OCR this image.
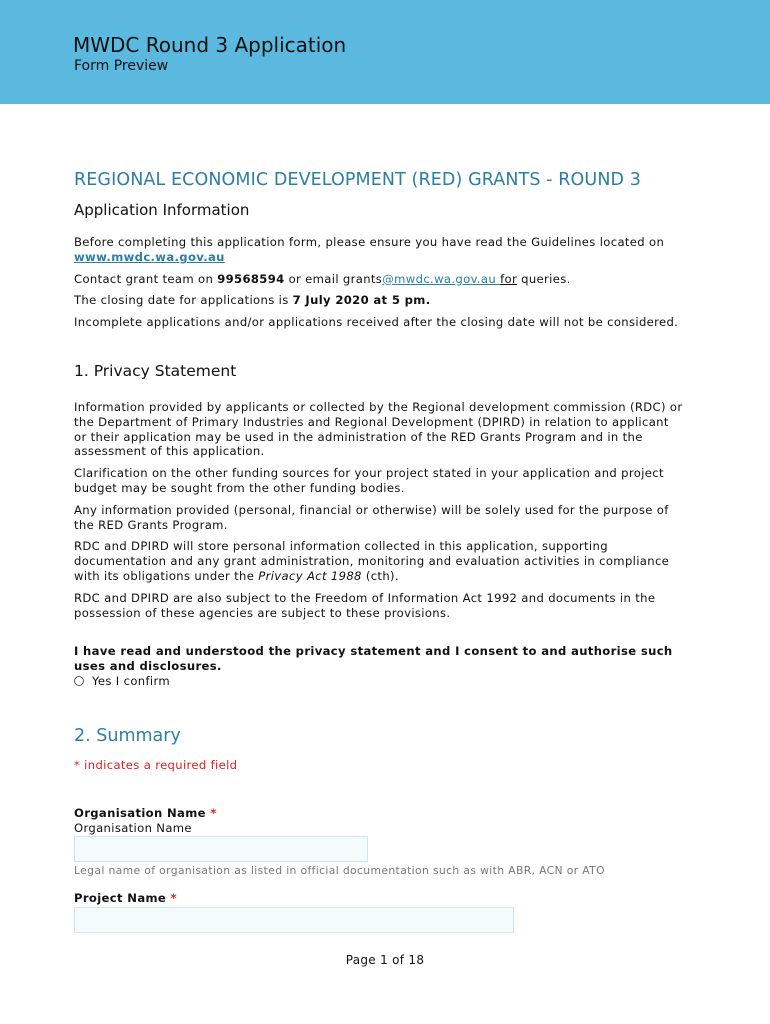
MWDC Round 3 Application
Form Preview
REGIONAL ECONOMIC DEVELOPMENT (RED) GRANTS - ROUND 3
Application Information

Before completing this application form, please ensure you have read the Guidelines located on www.mwdc.wa.gov.au

Contact grant team on 99568594 or email grants@mwdc.wa.gov.au for queries.

The closing date for applications is 7 July 2020 at 5 pm.

Incomplete applications and/or applications received after the closing date will not be considered.

1. Privacy Statement

Information provided by applicants or collected by the Regional development commission (RDC) or the Department of Primary Industries and Regional Development (DPIRD) in relation to applicant or their application may be used in the administration of the RED Grants Program and in the assessment of this application.

Clarification on the other funding sources for your project stated in your application and project budget may be sought from the other funding bodies.

Any information provided (personal, financial or otherwise) will be solely used for the purpose of the RED Grants Program.

RDC and DPIRD will store personal information collected in this application, supporting documentation and any grant administration, monitoring and evaluation activities in compliance with its obligations under the Privacy Act 1988 (cth).

RDC and DPIRD are also subject to the Freedom of Information Act 1992 and documents in the possession of these agencies are subject to these provisions.

I have read and understood the privacy statement and I consent to and authorise such uses and disclosures.
Yes I confirm
2. Summary
* indicates a required field
Organisation Name *
Organisation Name
Legal name of organisation as listed in official documentation such as with ABR, ACN or ATO
Project Name *
Page 1 of 18
